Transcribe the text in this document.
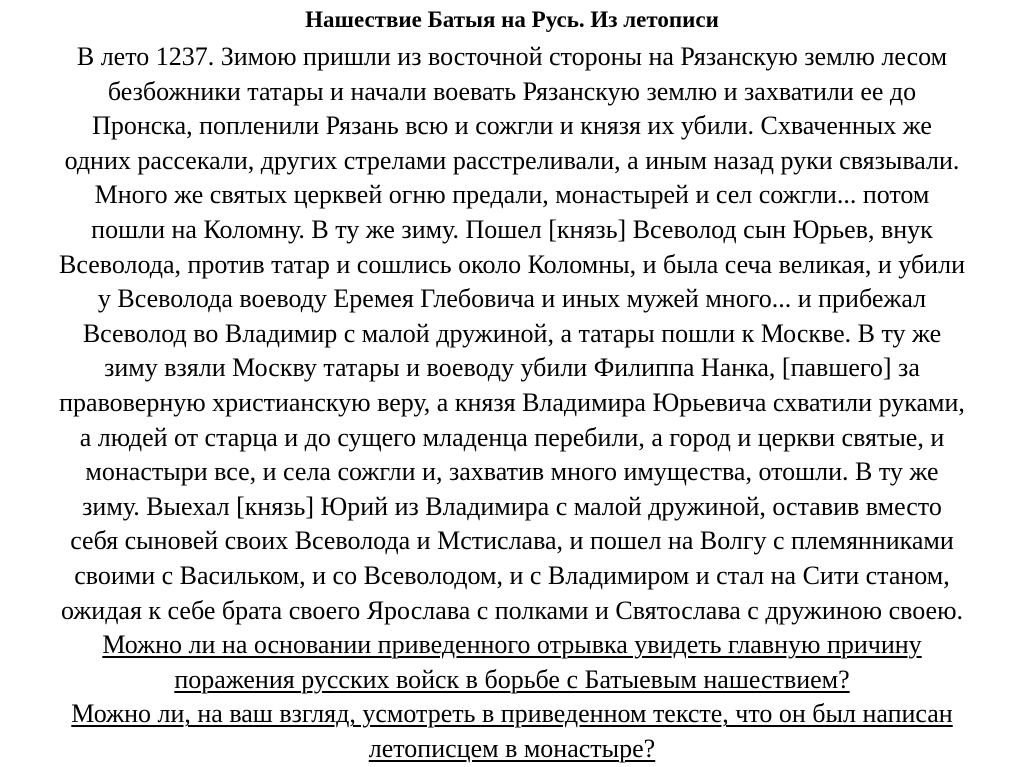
Нашествие Батыя на Русь. Из летописи
В лето 1237. Зимою пришли из восточной стороны на Рязанскую землю лесом
безбожники татары и начали воевать Рязанскую землю и захватили ее до
Пронска, попленили Рязань всю и сожгли и князя их убили. Схваченных же
одних рассекали, других стрелами расстреливали, а иным назад руки связывали.
Много же святых церквей огню предали, монастырей и сел сожгли... потом
пошли на Коломну. В ту же зиму. Пошел [князь] Всеволод сын Юрьев, внук
Всеволода, против татар и сошлись около Коломны, и была сеча великая, и убили
у Всеволода воеводу Еремея Глебовича и иных мужей много... и прибежал
Всеволод во Владимир с малой дружиной, а татары пошли к Москве. В ту же
зиму взяли Москву татары и воеводу убили Филиппа Нанка, [павшего] за
правоверную христианскую веру, а князя Владимира Юрьевича схватили руками,
а людей от старца и до сущего младенца перебили, а город и церкви святые, и
монастыри все, и села сожгли и, захватив много имущества, отошли. В ту же
зиму. Выехал [князь] Юрий из Владимира с малой дружиной, оставив вместо
себя сыновей своих Всеволода и Мстислава, и пошел на Волгу с племянниками
своими с Васильком, и со Всеволодом, и с Владимиром и стал на Сити станом,
ожидая к себе брата своего Ярослава с полками и Святослава с дружиною своею.
Можно ли на основании приведенного отрывка увидеть главную причину
поражения русских войск в борьбе с Батыевым нашествием?
Можно ли, на ваш взгляд, усмотреть в приведенном тексте, что он был написан
летописцем в монастыре?
